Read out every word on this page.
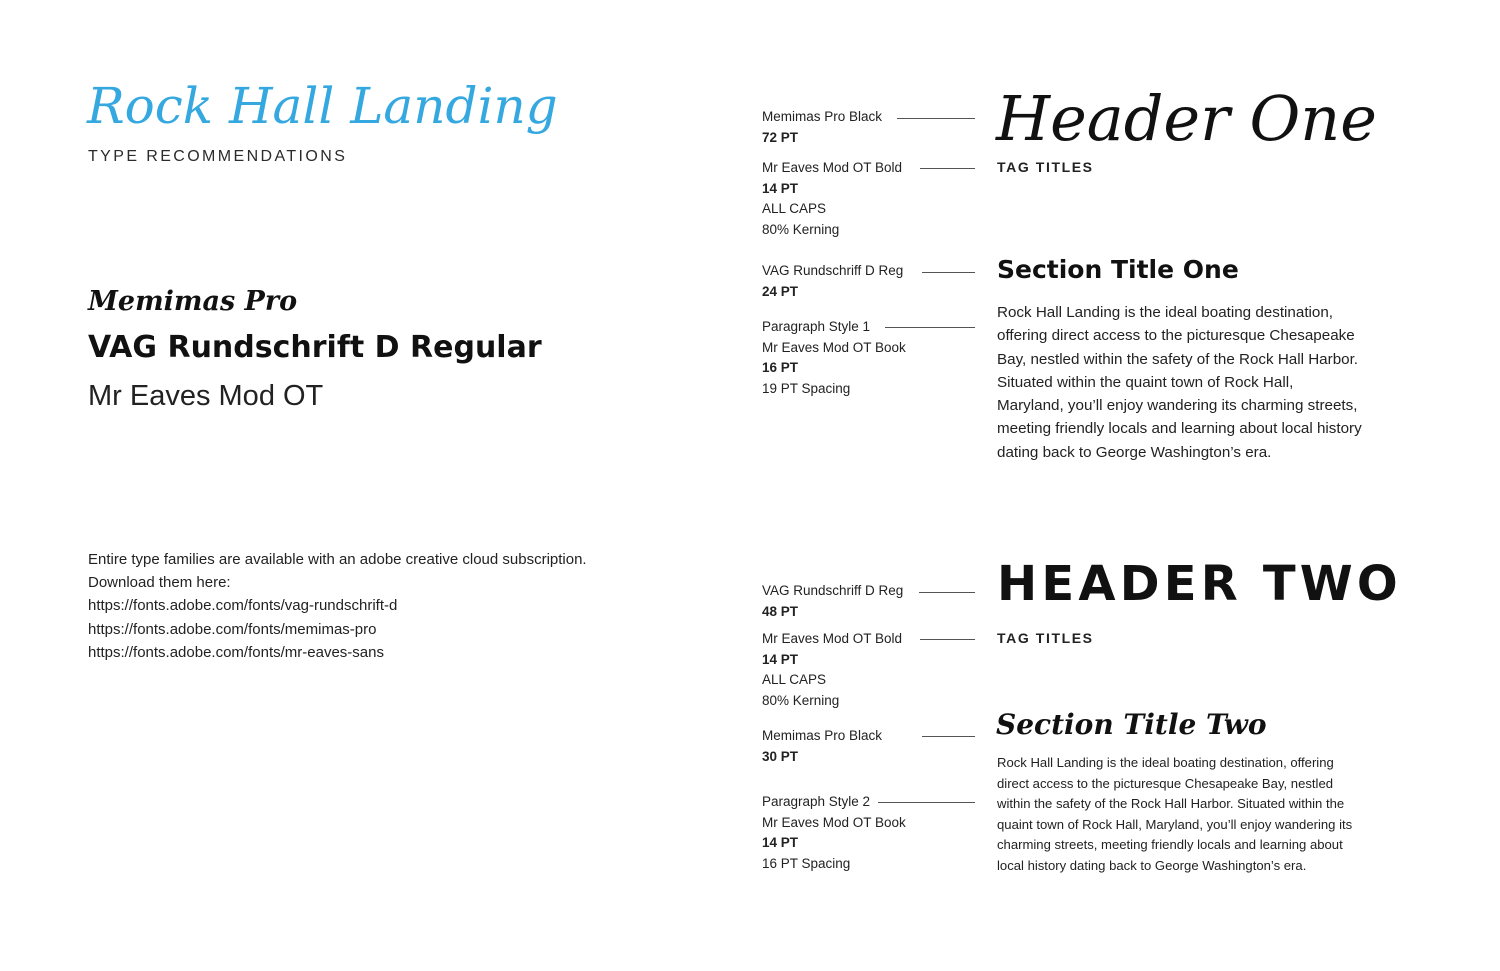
Rock Hall Landing
TYPE RECOMMENDATIONS
Memimas Pro
VAG Rundschrift D Regular
Mr Eaves Mod OT
Entire type families are available with an adobe creative cloud subscription.
Download them here:
https://fonts.adobe.com/fonts/vag-rundschrift-d
https://fonts.adobe.com/fonts/memimas-pro
https://fonts.adobe.com/fonts/mr-eaves-sans
Memimas Pro Black
72 PT
Mr Eaves Mod OT Bold
14 PT
ALL CAPS
80% Kerning
VAG Rundschriff D Reg
24 PT
Paragraph Style 1
Mr Eaves Mod OT Book
16 PT
19 PT Spacing
VAG Rundschriff D Reg
48 PT
Mr Eaves Mod OT Bold
14 PT
ALL CAPS
80% Kerning
Memimas Pro Black
30 PT
Paragraph Style 2
Mr Eaves Mod OT Book
14 PT
16 PT Spacing
Header One
TAG TITLES
Section Title One
Rock Hall Landing is the ideal boating destination,
offering direct access to the picturesque Chesapeake
Bay, nestled within the safety of the Rock Hall Harbor.
Situated within the quaint town of Rock Hall,
Maryland, you’ll enjoy wandering its charming streets,
meeting friendly locals and learning about local history
dating back to George Washington’s era.
HEADER TWO
TAG TITLES
Section Title Two
Rock Hall Landing is the ideal boating destination, offering
direct access to the picturesque Chesapeake Bay, nestled
within the safety of the Rock Hall Harbor. Situated within the
quaint town of Rock Hall, Maryland, you’ll enjoy wandering its
charming streets, meeting friendly locals and learning about
local history dating back to George Washington’s era.
